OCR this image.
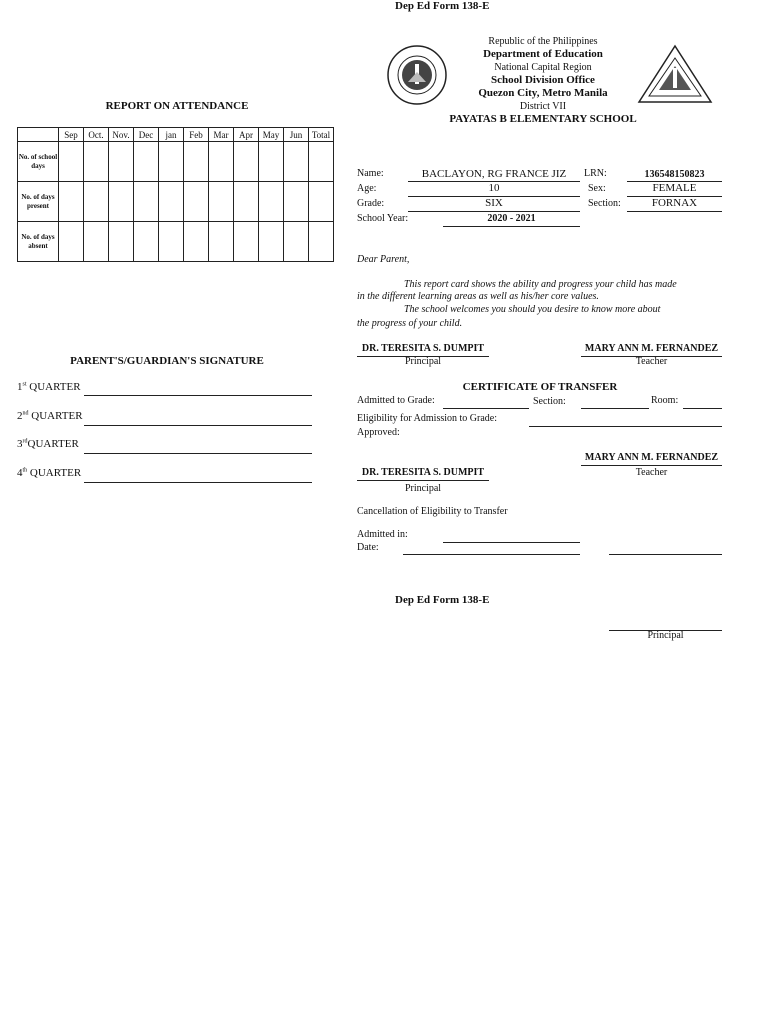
Dep Ed Form 138-E
Republic of the Philippines
Department of Education
National Capital Region
School Division Office
Quezon City, Metro Manila
District VII
PAYATAS B ELEMENTARY SCHOOL
REPORT ON ATTENDANCE
	Sep	Oct.	Nov.	Dec	jan	Feb	Mar	Apr	May	Jun	Total
No. of school days											
No. of days present											
No. of days absent											
PARENT'S/GUARDIAN'S SIGNATURE
1st QUARTER
2nd QUARTER
3rdQUARTER
4th QUARTER
Name:	BACLAYON, RG FRANCE JIZ	LRN:	136548150823
Age:	10	Sex:	FEMALE
Grade:	SIX	Section:	FORNAX
School Year:	2020 - 2021
Dear Parent,
This report card shows the ability and progress your child has made
in the different learning areas as well as his/her core values.
The school welcomes you should you desire to know more about
the progress of your child.
DR. TERESITA S. DUMPIT
Principal
MARY ANN M. FERNANDEZ
Teacher
CERTIFICATE OF TRANSFER
Admitted to Grade:	Section:	Room:
Eligibility for Admission to Grade:
Approved:
MARY ANN M. FERNANDEZ
Teacher
DR. TERESITA S. DUMPIT
Principal
Cancellation of Eligibility to Transfer
Admitted in:
Date:
Dep Ed Form 138-E
Principal
